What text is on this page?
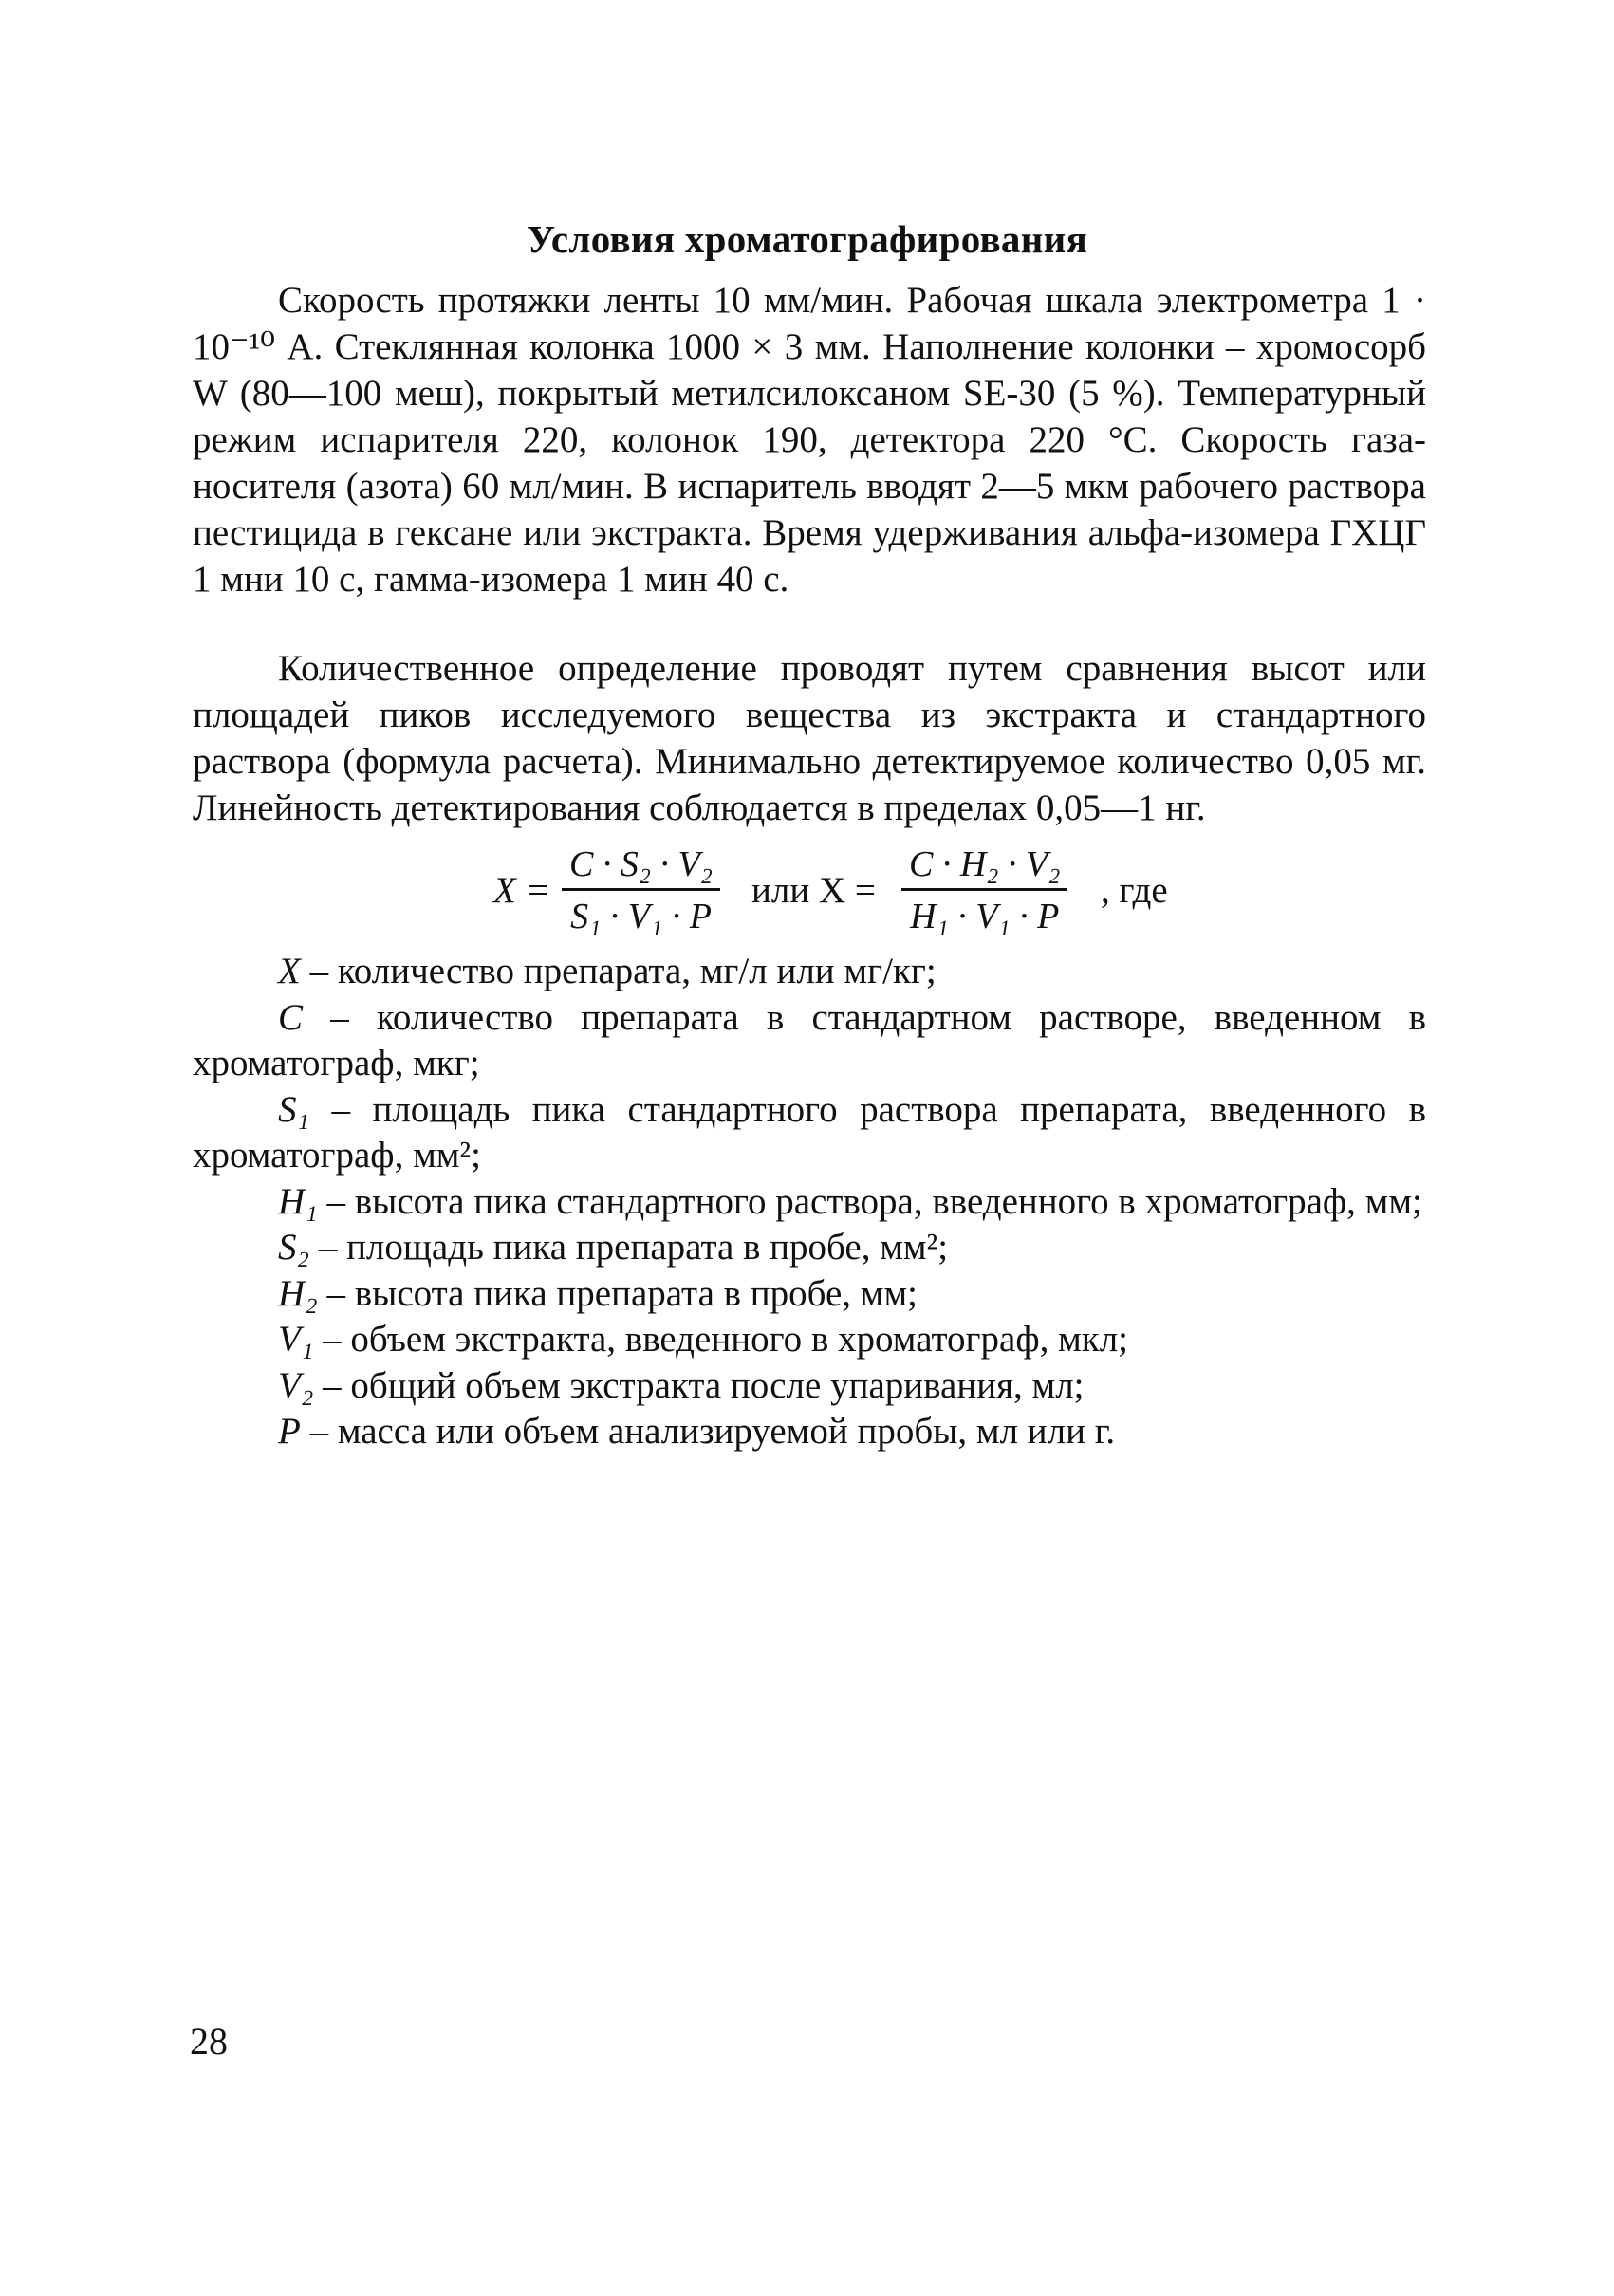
Условия хроматографирования

Скорость протяжки ленты 10 мм/мин. Рабочая шкала электрометра 1 · 10⁻¹⁰ А. Стеклянная колонка 1000 × 3 мм. Наполнение колонки – хромосорб W (80—100 меш), покрытый метилсилоксаном SE-30 (5 %). Температурный режим испарителя 220, колонок 190, детектора 220 °С. Скорость газа-носителя (азота) 60 мл/мин. В испаритель вводят 2—5 мкм рабочего раствора пестицида в гексане или экстракта. Время удерживания альфа-изомера ГХЦГ 1 мни 10 с, гамма-изомера 1 мин 40 с.

Количественное определение проводят путем сравнения высот или площадей пиков исследуемого вещества из экстракта и стандартного раствора (формула расчета). Минимально детектируемое количество 0,05 мг. Линейность детектирования соблюдается в пределах 0,05—1 нг.

X =
C · S₂ · V₂
S₁ · V₁ · P
или X =
C · H₂ · V₂
H₁ · V₁ · P
, где

X – количество препарата, мг/л или мг/кг;

C – количество препарата в стандартном растворе, введенном в хроматограф, мкг;

S₁ – площадь пика стандартного раствора препарата, введенного в хроматограф, мм²;

H₁ – высота пика стандартного раствора, введенного в хроматограф, мм;

S₂ – площадь пика препарата в пробе, мм²;

H₂ – высота пика препарата в пробе, мм;

V₁ – объем экстракта, введенного в хроматограф, мкл;

V₂ – общий объем экстракта после упаривания, мл;

P – масса или объем анализируемой пробы, мл или г.

28
